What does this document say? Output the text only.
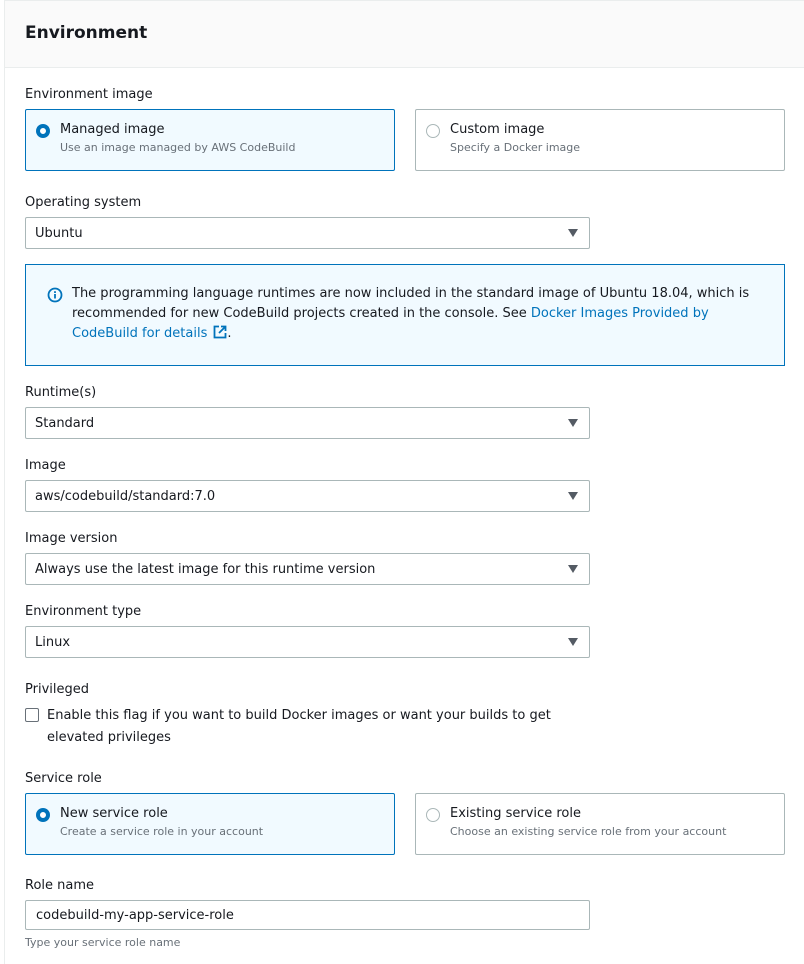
Environment
Environment image
Managed image
Use an image managed by AWS CodeBuild
Custom image
Specify a Docker image
Operating system
Ubuntu
The programming language runtimes are now included in the standard image of Ubuntu 18.04, which is recommended for new CodeBuild projects created in the console. See Docker Images Provided by CodeBuild for details .
Runtime(s)
Standard
Image
aws/codebuild/standard:7.0
Image version
Always use the latest image for this runtime version
Environment type
Linux
Privileged
Enable this flag if you want to build Docker images or want your builds to get elevated privileges
Service role
New service role
Create a service role in your account
Existing service role
Choose an existing service role from your account
Role name
codebuild-my-app-service-role
Type your service role name
